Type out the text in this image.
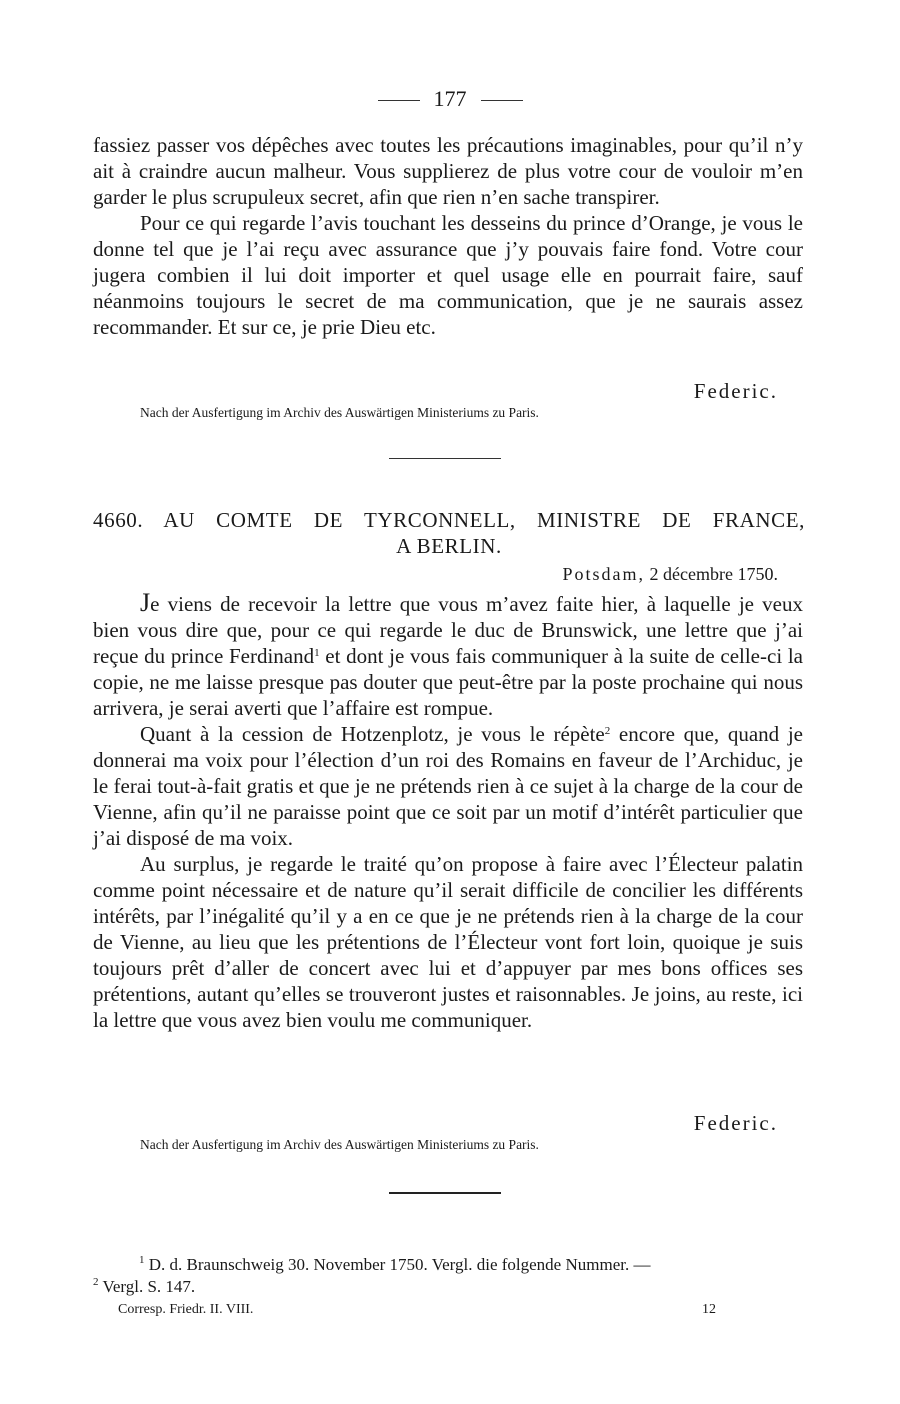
177

fassiez passer vos dépêches avec toutes les précautions imaginables, pour qu’il n’y ait à craindre aucun malheur. Vous supplierez de plus votre cour de vouloir m’en garder le plus scrupuleux secret, afin que rien n’en sache transpirer.

Pour ce qui regarde l’avis touchant les desseins du prince d’Orange, je vous le donne tel que je l’ai reçu avec assurance que j’y pouvais faire fond. Votre cour jugera combien il lui doit importer et quel usage elle en pourrait faire, sauf néanmoins toujours le secret de ma communication, que je ne saurais assez recommander. Et sur ce, je prie Dieu etc.

Federic.
Nach der Ausfertigung im Archiv des Auswärtigen Ministeriums zu Paris.
4660. AU COMTE DE TYRCONNELL, MINISTRE DE FRANCE,
A BERLIN.
Potsdam, 2 décembre 1750.

Je viens de recevoir la lettre que vous m’avez faite hier, à laquelle je veux bien vous dire que, pour ce qui regarde le duc de Brunswick, une lettre que j’ai reçue du prince Ferdinand$^1$ et dont je vous fais communiquer à la suite de celle-ci la copie, ne me laisse presque pas douter que peut-être par la poste prochaine qui nous arrivera, je serai averti que l’affaire est rompue.

Quant à la cession de Hotzenplotz, je vous le répète$^2$ encore que, quand je donnerai ma voix pour l’élection d’un roi des Romains en faveur de l’Archiduc, je le ferai tout-à-fait gratis et que je ne prétends rien à ce sujet à la charge de la cour de Vienne, afin qu’il ne paraisse point que ce soit par un motif d’intérêt particulier que j’ai disposé de ma voix.

Au surplus, je regarde le traité qu’on propose à faire avec l’Électeur palatin comme point nécessaire et de nature qu’il serait difficile de concilier les différents intérêts, par l’inégalité qu’il y a en ce que je ne prétends rien à la charge de la cour de Vienne, au lieu que les prétentions de l’Électeur vont fort loin, quoique je suis toujours prêt d’aller de concert avec lui et d’appuyer par mes bons offices ses prétentions, autant qu’elles se trouveront justes et raisonnables. Je joins, au reste, ici la lettre que vous avez bien voulu me communiquer.

Federic.
Nach der Ausfertigung im Archiv des Auswärtigen Ministeriums zu Paris.
$^1$ D. d. Braunschweig 30. November 1750. Vergl. die folgende Nummer. —
$^2$ Vergl. S. 147.
Corresp. Friedr. II. VIII.	12
